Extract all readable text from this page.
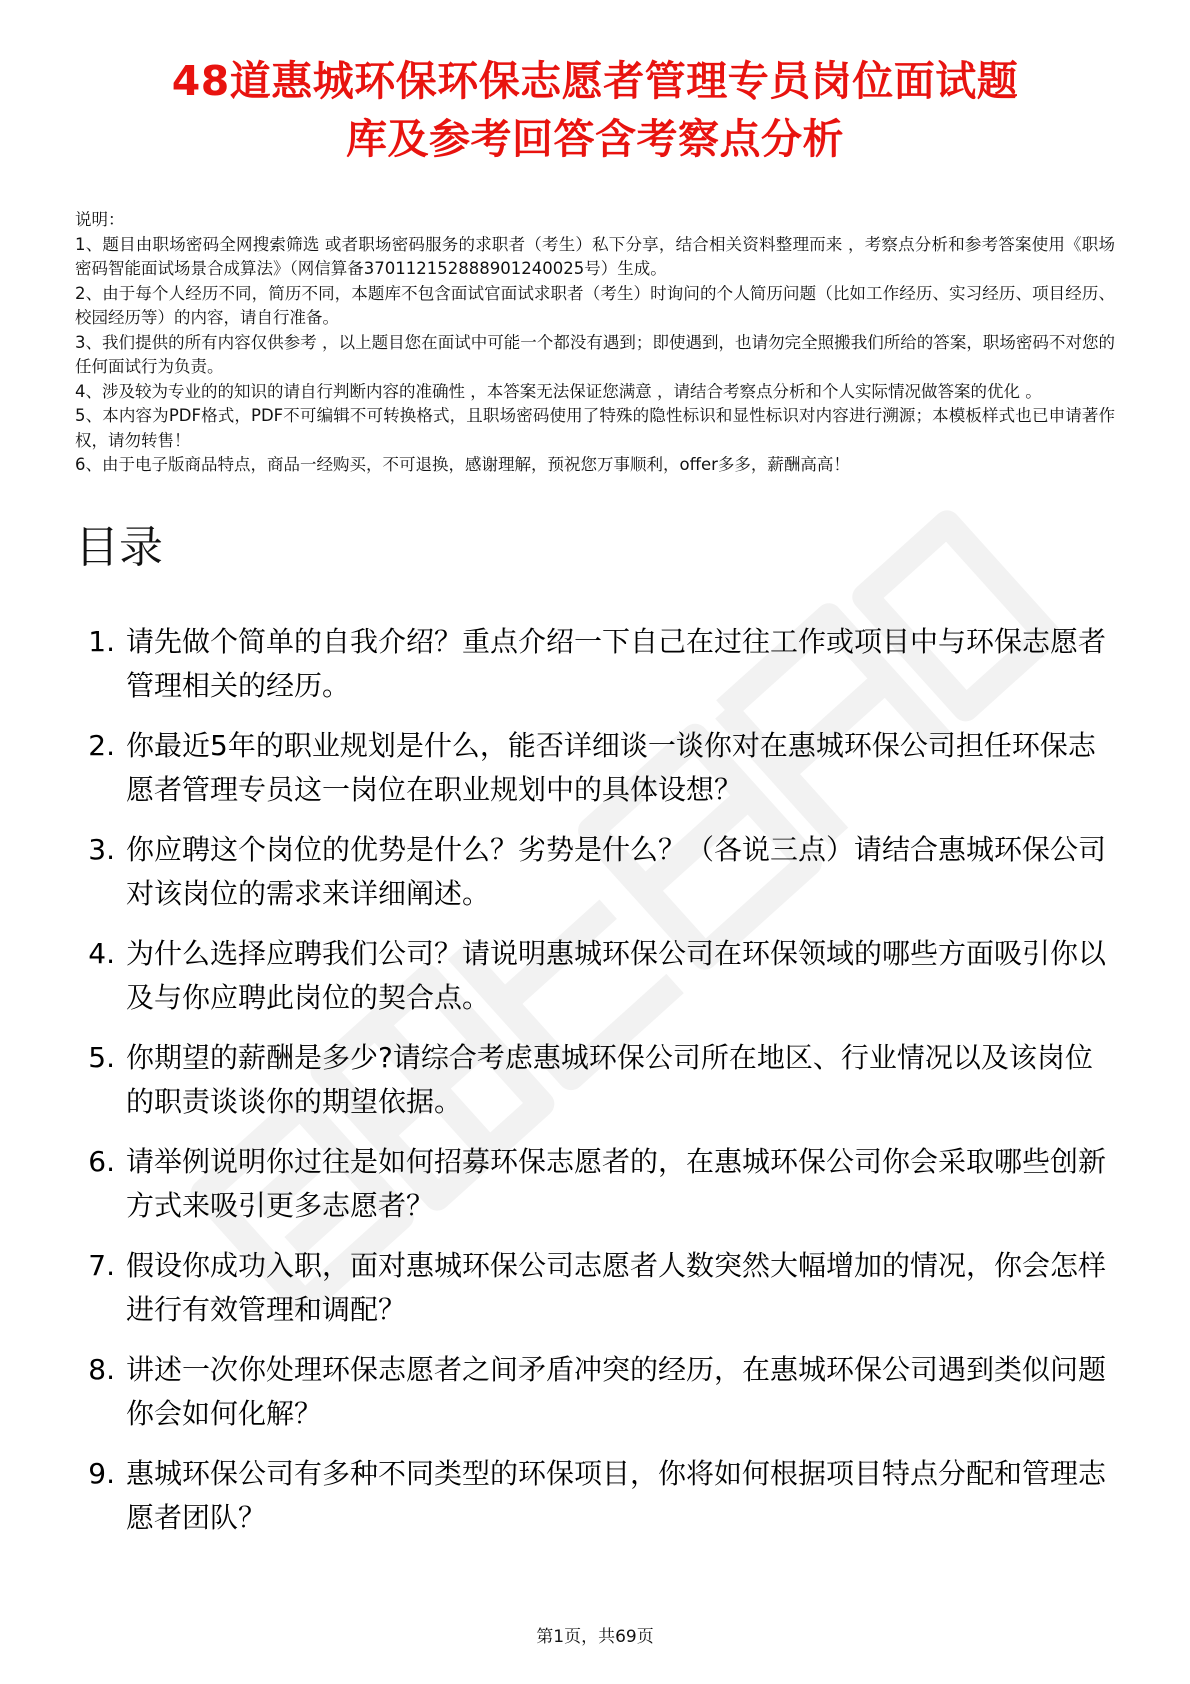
48道惠城环保环保志愿者管理专员岗位面试题
库及参考回答含考察点分析
说明：
1、题目由职场密码全网搜索筛选 或者职场密码服务的求职者（考生）私下分享，结合相关资料整理而来 ，考察点分析和参考答案使用《职场密码智能面试场景合成算法》（网信算备370112152888901240025号）生成。
2、由于每个人经历不同，简历不同，本题库不包含面试官面试求职者（考生）时询问的个人简历问题（比如工作经历、实习经历、项目经历、校园经历等）的内容，请自行准备。
3、我们提供的所有内容仅供参考 ，以上题目您在面试中可能一个都没有遇到；即使遇到，也请勿完全照搬我们所给的答案，职场密码不对您的任何面试行为负责。
4、涉及较为专业的的知识的请自行判断内容的准确性 ，本答案无法保证您满意 ，请结合考察点分析和个人实际情况做答案的优化 。
5、本内容为PDF格式，PDF不可编辑不可转换格式，且职场密码使用了特殊的隐性标识和显性标识对内容进行溯源；本模板样式也已申请著作权，请勿转售！
6、由于电子版商品特点，商品一经购买，不可退换，感谢理解，预祝您万事顺利，offer多多，薪酬高高！
目录
1. 请先做个简单的自我介绍？重点介绍一下自己在过往工作或项目中与环保志愿者管理相关的经历。
2. 你最近5年的职业规划是什么，能否详细谈一谈你对在惠城环保公司担任环保志愿者管理专员这一岗位在职业规划中的具体设想？
3. 你应聘这个岗位的优势是什么？劣势是什么？（各说三点）请结合惠城环保公司对该岗位的需求来详细阐述。
4. 为什么选择应聘我们公司？请说明惠城环保公司在环保领域的哪些方面吸引你以及与你应聘此岗位的契合点。
5. 你期望的薪酬是多少?请综合考虑惠城环保公司所在地区、行业情况以及该岗位的职责谈谈你的期望依据。
6. 请举例说明你过往是如何招募环保志愿者的，在惠城环保公司你会采取哪些创新方式来吸引更多志愿者？
7. 假设你成功入职，面对惠城环保公司志愿者人数突然大幅增加的情况，你会怎样进行有效管理和调配？
8. 讲述一次你处理环保志愿者之间矛盾冲突的经历，在惠城环保公司遇到类似问题你会如何化解？
9. 惠城环保公司有多种不同类型的环保项目，你将如何根据项目特点分配和管理志愿者团队？
第1页，共69页
